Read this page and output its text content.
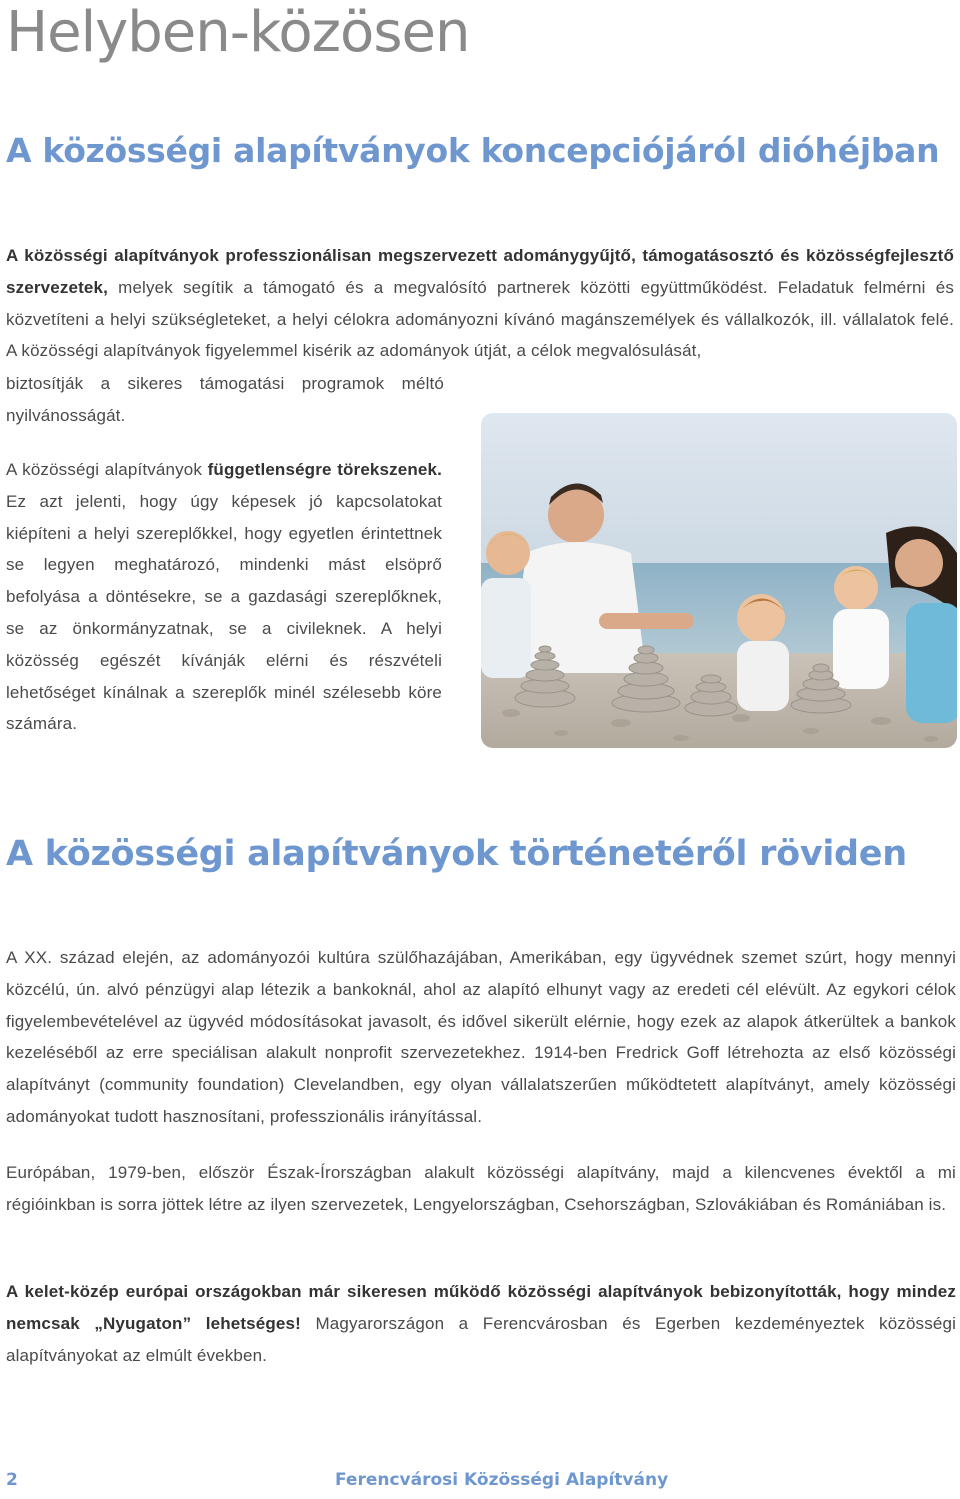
Helyben-közösen
A közösségi alapítványok koncepciójáról dióhéjban

A közösségi alapítványok professzionálisan megszervezett adománygyűjtő, támogatásosztó és közösségfejlesztő szervezetek, melyek segítik a támogató és a megvalósító partnerek közötti együttműködést. Feladatuk felmérni és közvetíteni a helyi szükségleteket, a helyi célokra adományozni kívánó magánszemélyek és vállalkozók, ill. vállalatok felé. A közösségi alapítványok figyelemmel kisérik az adományok útját, a célok megvalósulását,

biztosítják a sikeres támogatási programok méltó nyilvánosságát.

A közösségi alapítványok függetlenségre törekszenek. Ez azt jelenti, hogy úgy képesek jó kapcsolatokat kiépíteni a helyi szereplőkkel, hogy egyetlen érintettnek se legyen meghatározó, mindenki mást elsöprő befolyása a döntésekre, se a gazdasági szereplőknek, se az önkormányzatnak, se a civileknek. A helyi közösség egészét kívánják elérni és részvételi lehetőséget kínálnak a szereplők minél szélesebb köre számára.

A közösségi alapítványok történetéről röviden

A XX. század elején, az adományozói kultúra szülőhazájában, Amerikában, egy ügyvédnek szemet szúrt, hogy mennyi közcélú, ún. alvó pénzügyi alap létezik a bankoknál, ahol az alapító elhunyt vagy az eredeti cél elévült. Az egykori célok figyelembevételével az ügyvéd módosításokat javasolt, és idővel sikerült elérnie, hogy ezek az alapok átkerültek a bankok kezeléséből az erre speciálisan alakult nonprofit szervezetekhez. 1914-ben Fredrick Goff létrehozta az első közösségi alapítványt (community foundation) Clevelandben, egy olyan vállalatszerűen működtetett alapítványt, amely közösségi adományokat tudott hasznosítani, professzionális irányítással.

Európában, 1979-ben, először Észak-Írországban alakult közösségi alapítvány, majd a kilencvenes évektől a mi régióinkban is sorra jöttek létre az ilyen szervezetek, Lengyelországban, Csehországban, Szlovákiában és Romániában is.

A kelet-közép európai országokban már sikeresen működő közösségi alapítványok bebizonyították, hogy mindez nemcsak „Nyugaton” lehetséges! Magyarországon a Ferencvárosban és Egerben kezdeményeztek közösségi alapítványokat az elmúlt években.

2	Ferencvárosi Közösségi Alapítvány
